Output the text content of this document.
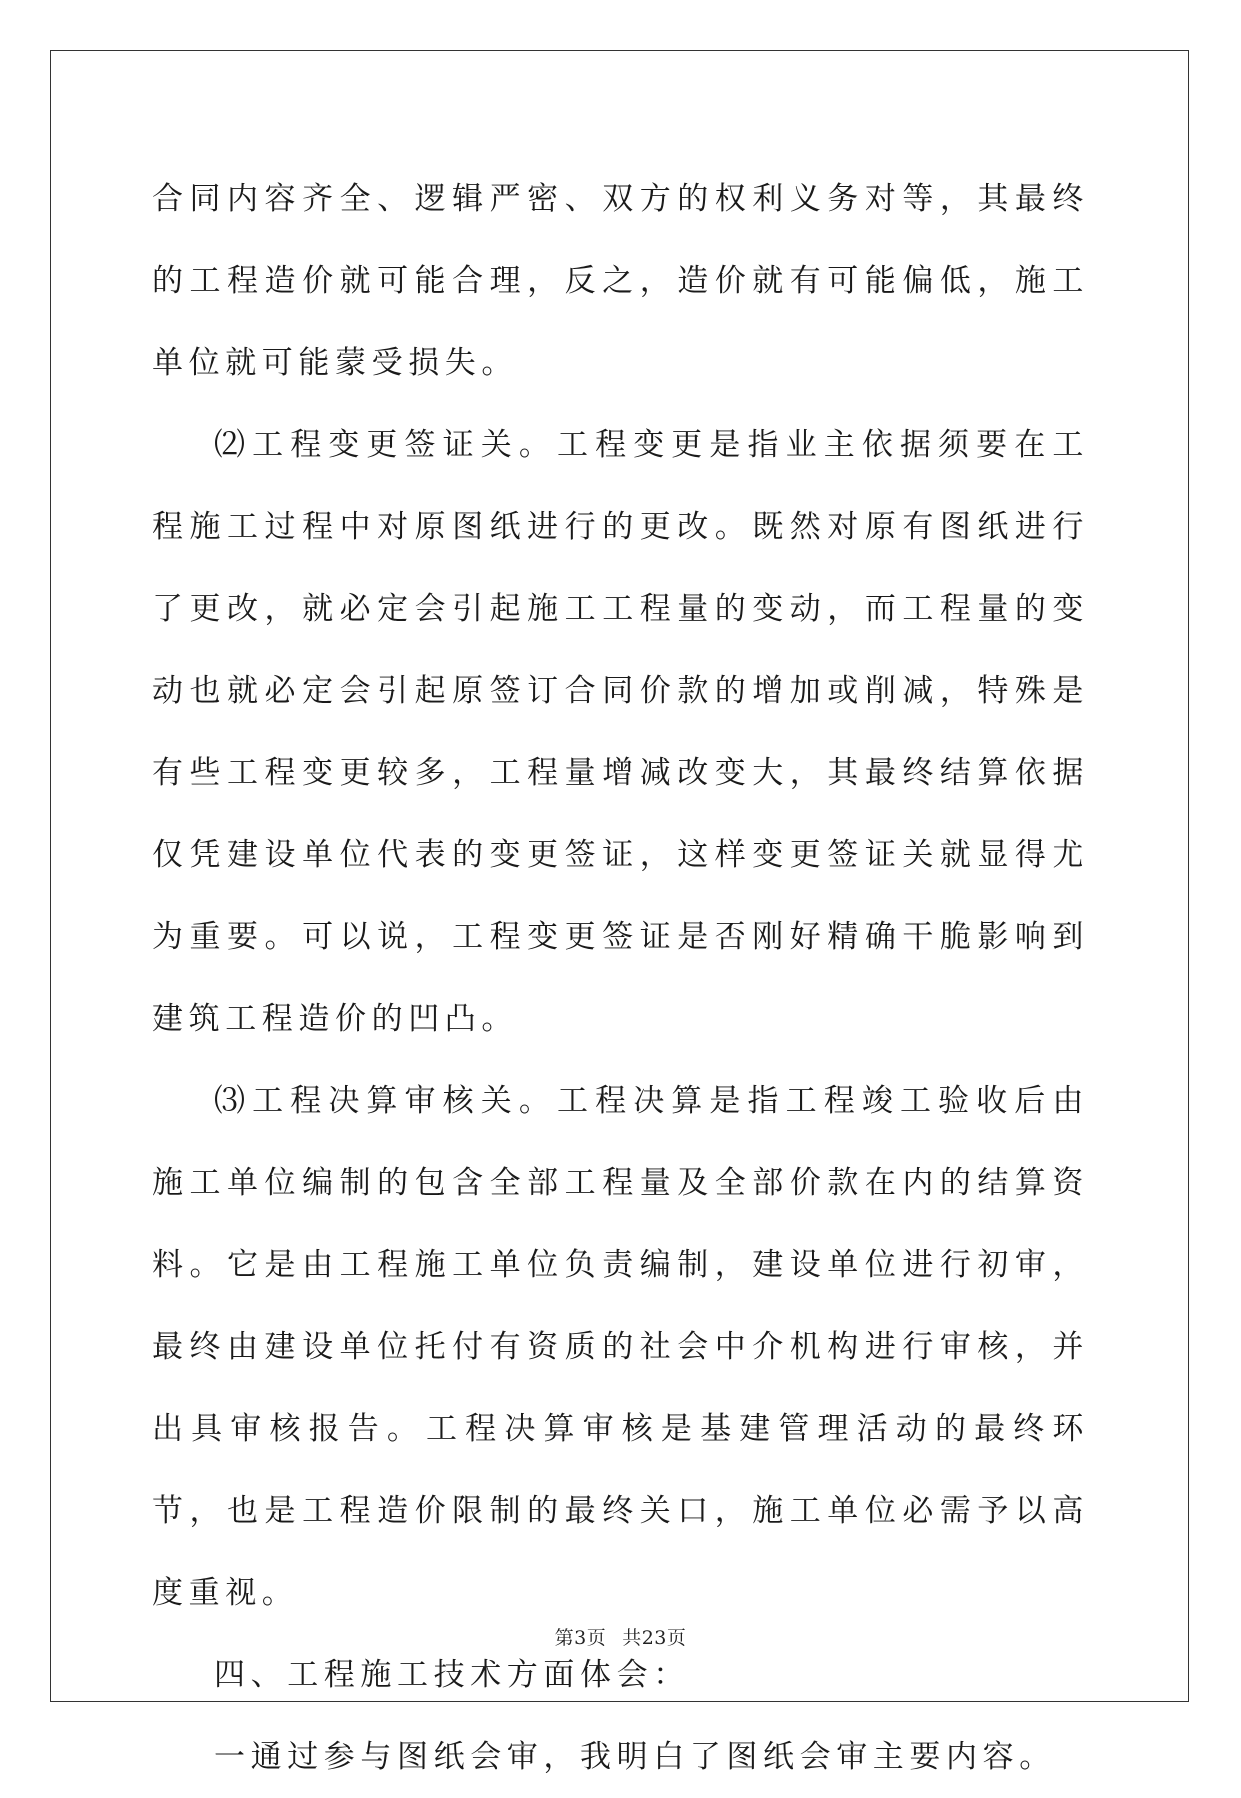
合同内容齐全、逻辑严密、双方的权利义务对等，其最终的工程造价就可能合理，反之，造价就有可能偏低，施工单位就可能蒙受损失。

⑵工程变更签证关。工程变更是指业主依据须要在工程施工过程中对原图纸进行的更改。既然对原有图纸进行了更改，就必定会引起施工工程量的变动，而工程量的变动也就必定会引起原签订合同价款的增加或削减，特殊是有些工程变更较多，工程量增减改变大，其最终结算依据仅凭建设单位代表的变更签证，这样变更签证关就显得尤为重要。可以说，工程变更签证是否刚好精确干脆影响到建筑工程造价的凹凸。

⑶工程决算审核关。工程决算是指工程竣工验收后由施工单位编制的包含全部工程量及全部价款在内的结算资料。它是由工程施工单位负责编制，建设单位进行初审，最终由建设单位托付有资质的社会中介机构进行审核，并出具审核报告。工程决算审核是基建管理活动的最终环节，也是工程造价限制的最终关口，施工单位必需予以高度重视。

四、工程施工技术方面体会：

一通过参与图纸会审，我明白了图纸会审主要内容。

第3页 共23页
